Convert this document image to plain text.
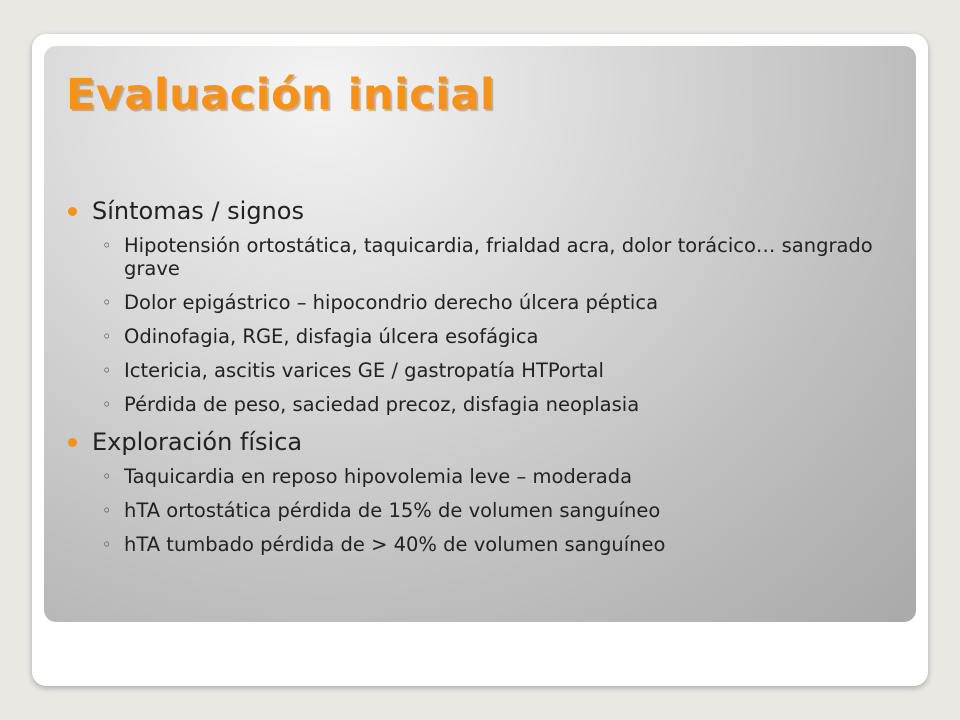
Evaluación inicial
Síntomas / signos
◦ Hipotensión ortostática, taquicardia, frialdad acra, dolor torácico… sangrado grave
◦ Dolor epigástrico – hipocondrio derecho úlcera péptica
◦ Odinofagia, RGE, disfagia úlcera esofágica
◦ Ictericia, ascitis varices GE / gastropatía HTPortal
◦ Pérdida de peso, saciedad precoz, disfagia neoplasia
Exploración física
◦ Taquicardia en reposo hipovolemia leve – moderada
◦ hTA ortostática pérdida de 15% de volumen sanguíneo
◦ hTA tumbado pérdida de > 40% de volumen sanguíneo
